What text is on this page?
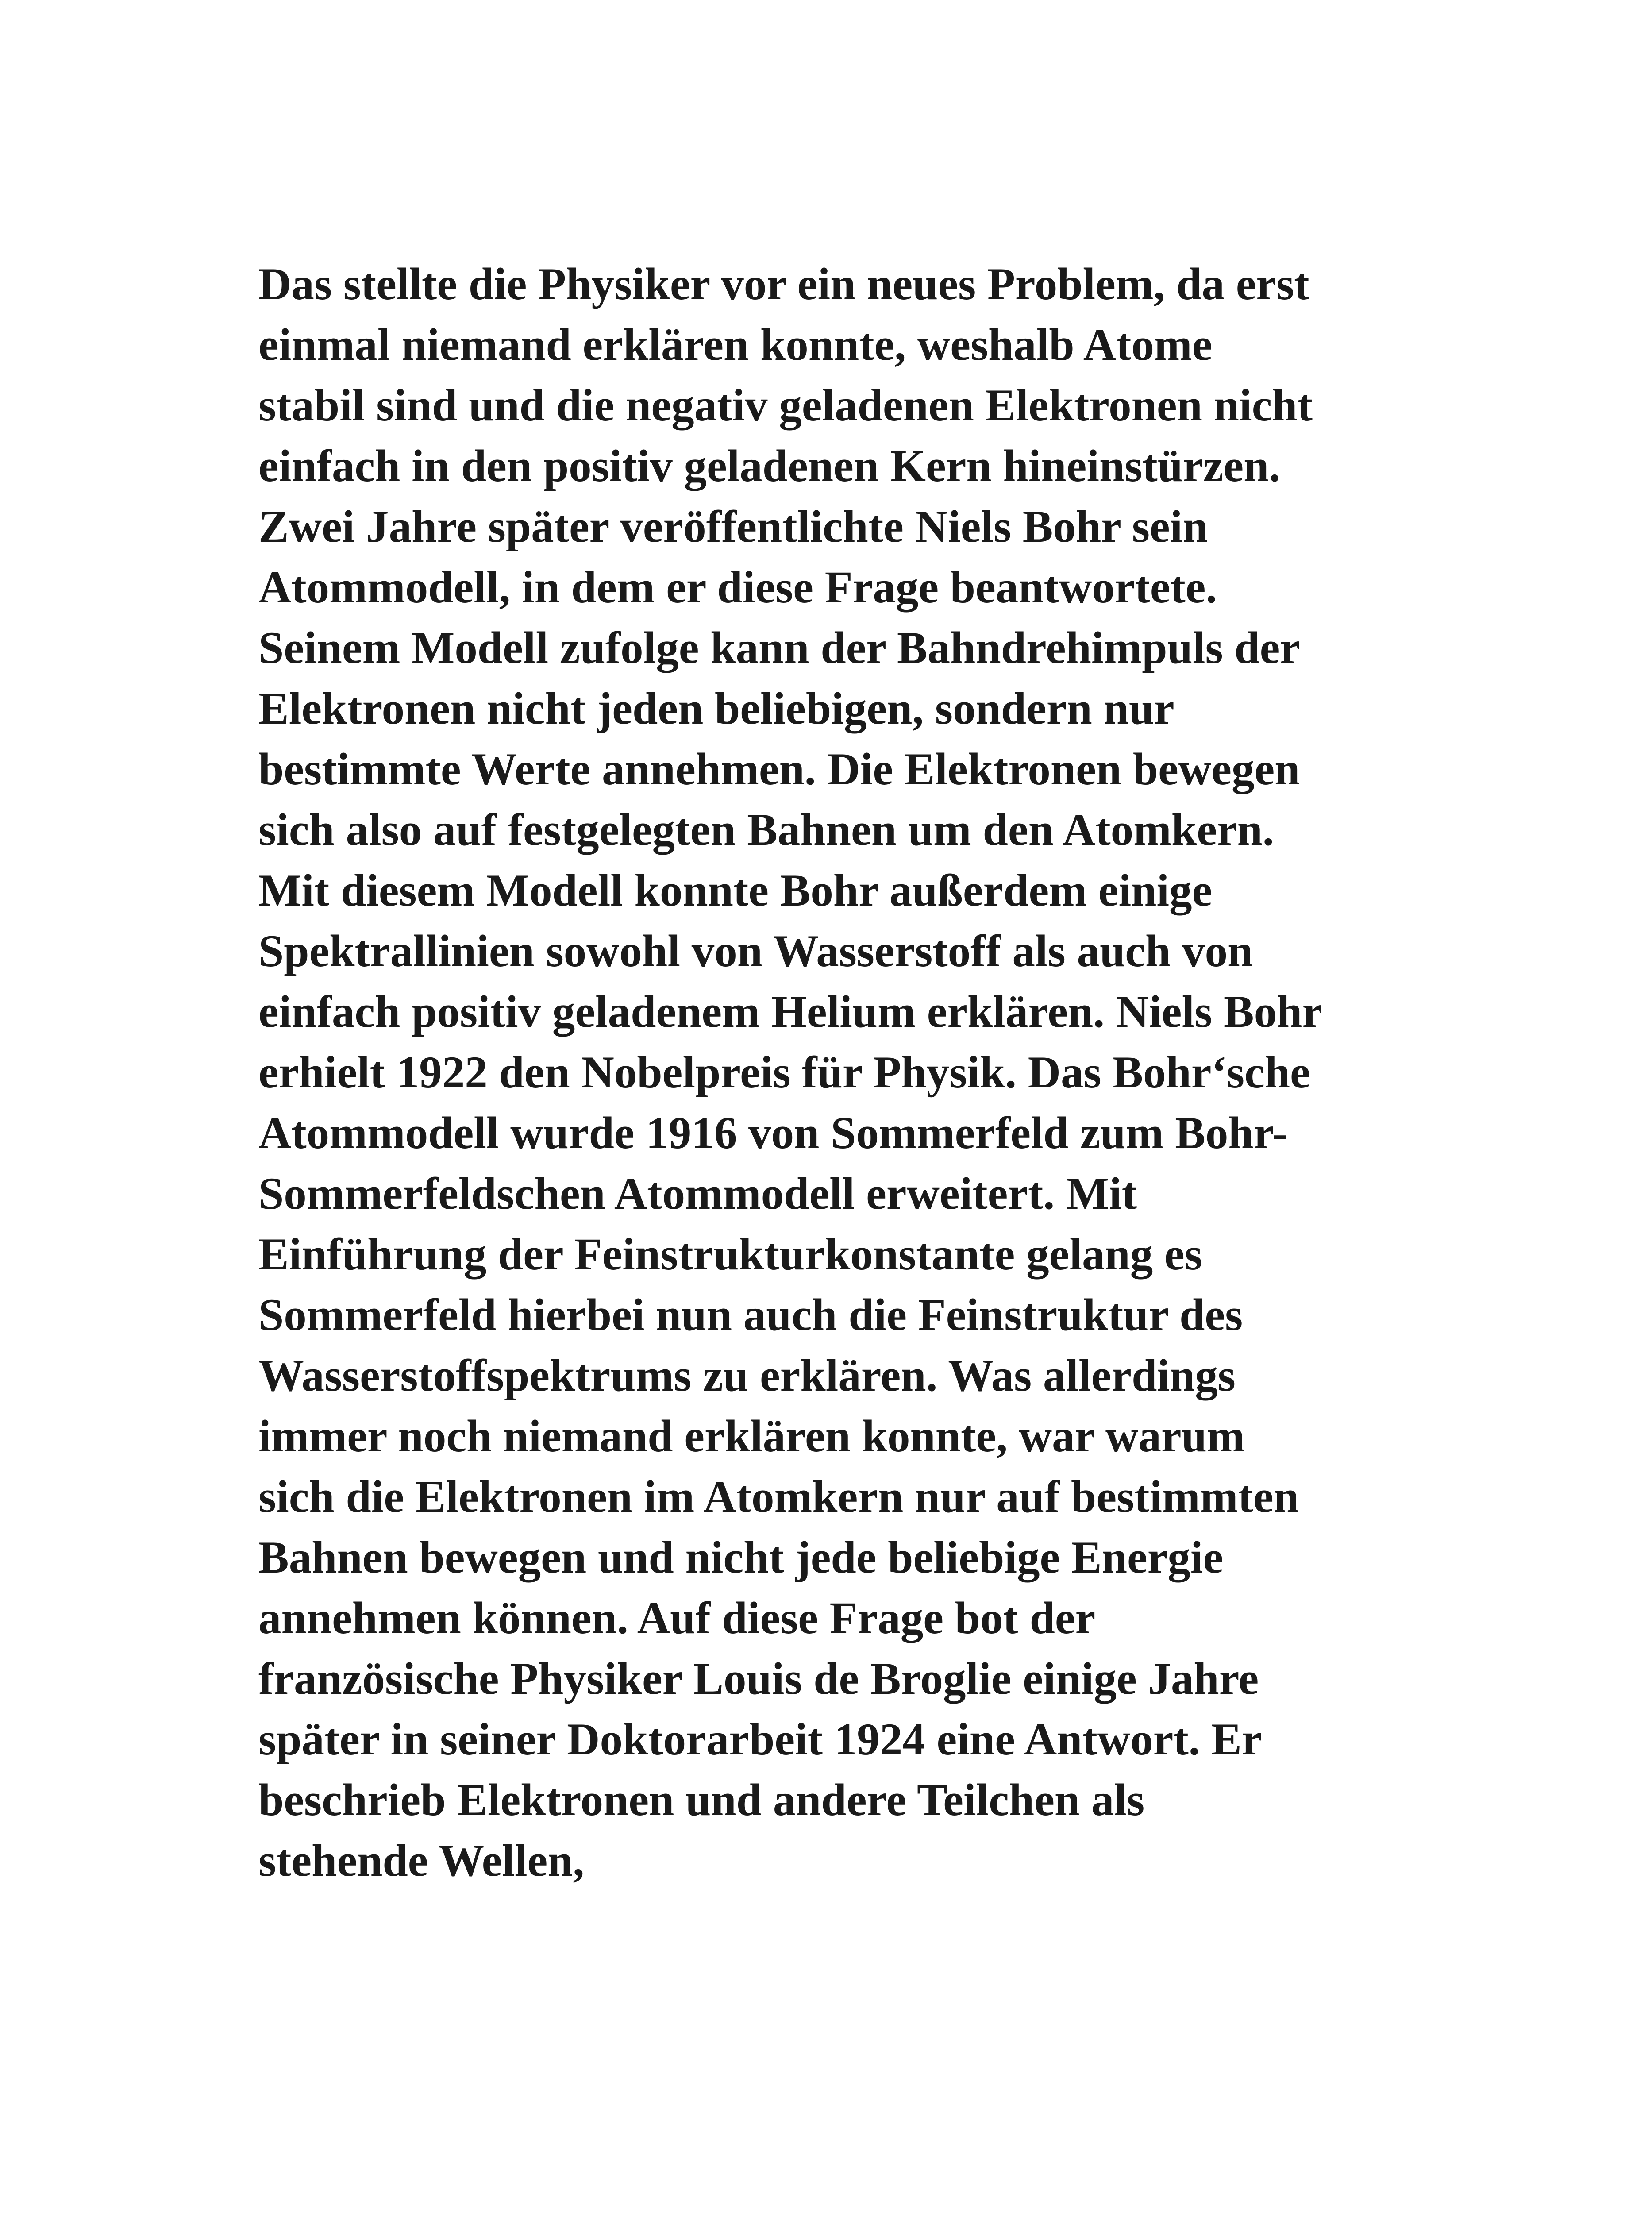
Das stellte die Physiker vor ein neues Problem, da erst
einmal niemand erklären konnte, weshalb Atome
stabil sind und die negativ geladenen Elektronen nicht
einfach in den positiv geladenen Kern hineinstürzen.
Zwei Jahre später veröffentlichte Niels Bohr sein
Atommodell, in dem er diese Frage beantwortete.
Seinem Modell zufolge kann der Bahndrehimpuls der
Elektronen nicht jeden beliebigen, sondern nur
bestimmte Werte annehmen. Die Elektronen bewegen
sich also auf festgelegten Bahnen um den Atomkern.
Mit diesem Modell konnte Bohr außerdem einige
Spektrallinien sowohl von Wasserstoff als auch von
einfach positiv geladenem Helium erklären. Niels Bohr
erhielt 1922 den Nobelpreis für Physik. Das Bohr‘sche
Atommodell wurde 1916 von Sommerfeld zum Bohr-
Sommerfeldschen Atommodell erweitert. Mit
Einführung der Feinstrukturkonstante gelang es
Sommerfeld hierbei nun auch die Feinstruktur des
Wasserstoffspektrums zu erklären. Was allerdings
immer noch niemand erklären konnte, war warum
sich die Elektronen im Atomkern nur auf bestimmten
Bahnen bewegen und nicht jede beliebige Energie
annehmen können. Auf diese Frage bot der
französische Physiker Louis de Broglie einige Jahre
später in seiner Doktorarbeit 1924 eine Antwort. Er
beschrieb Elektronen und andere Teilchen als
stehende Wellen,
